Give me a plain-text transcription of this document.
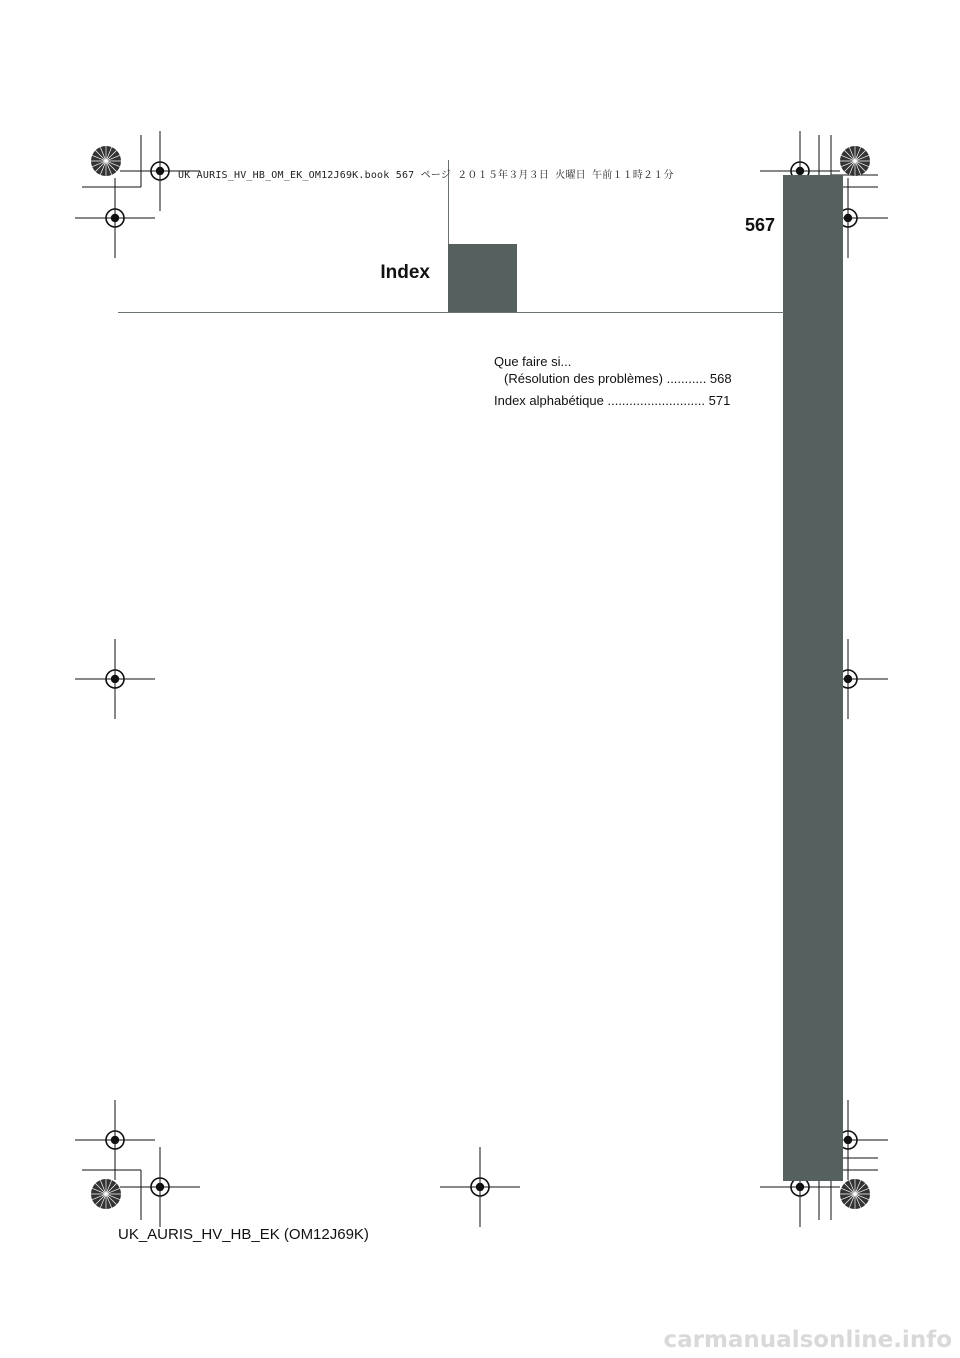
UK AURIS_HV_HB_OM_EK_OM12J69K.book 567 ページ ２０１５年３月３日 火曜日 午前１１時２１分
567
Index
Que faire si...
(Résolution des problèmes) ........... 568
Index alphabétique ........................... 571
UK_AURIS_HV_HB_EK (OM12J69K)
carmanualsonline.info
